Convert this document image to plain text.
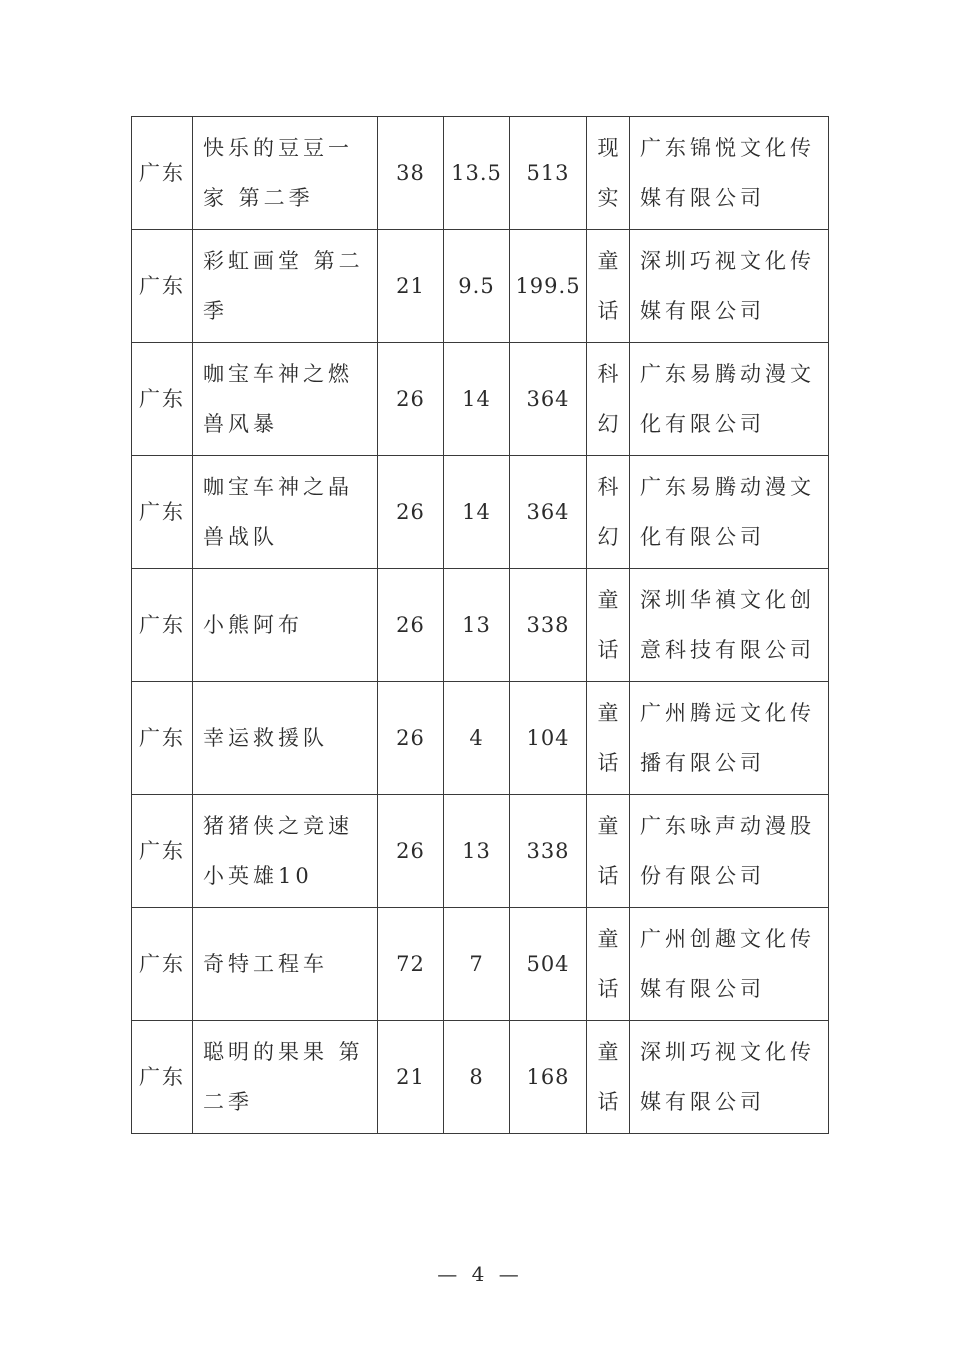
广东	快乐的豆豆一家 第二季	38	13.5	513	现实	广东锦悦文化传媒有限公司
广东	彩虹画堂 第二季	21	9.5	199.5	童话	深圳巧视文化传媒有限公司
广东	咖宝车神之燃兽风暴	26	14	364	科幻	广东易腾动漫文化有限公司
广东	咖宝车神之晶兽战队	26	14	364	科幻	广东易腾动漫文化有限公司
广东	小熊阿布	26	13	338	童话	深圳华禛文化创意科技有限公司
广东	幸运救援队	26	4	104	童话	广州腾远文化传播有限公司
广东	猪猪侠之竞速小英雄10	26	13	338	童话	广东咏声动漫股份有限公司
广东	奇特工程车	72	7	504	童话	广州创趣文化传媒有限公司
广东	聪明的果果 第二季	21	8	168	童话	深圳巧视文化传媒有限公司
— 4 —
